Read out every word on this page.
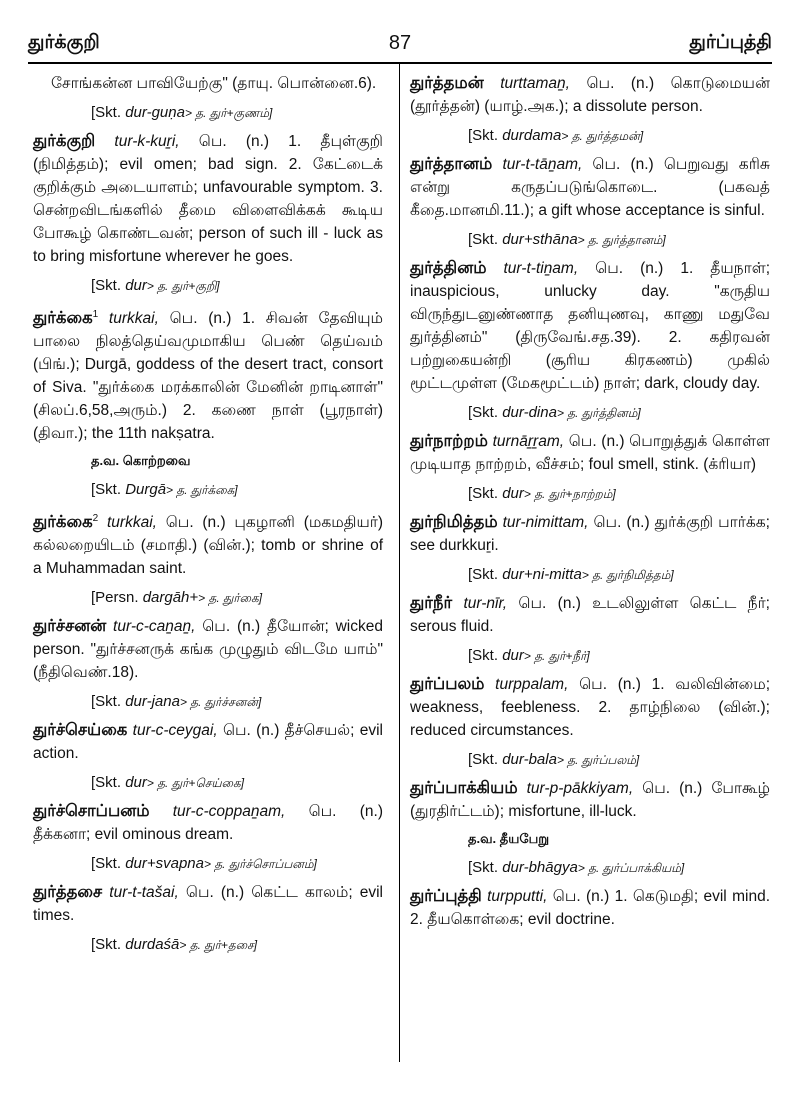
துர்க்குறி	87	துர்ப்புத்தி

சோங்கன்ன பாவியேற்கு" (தாயு. பொன்னை.6).

[Skt. dur-guṇa> த. துர்+குணம்]

துர்க்குறி tur-k-kuṟi, பெ. (n.) 1. தீபுள்குறி (நிமித்தம்); evil omen; bad sign. 2. கேட்டைக் குறிக்கும் அடையாளம்; unfavourable symptom. 3. சென்றவிடங்களில் தீமை விளைவிக்கக் கூடிய போகூழ் கொண்டவன்; person of such ill - luck as to bring misfortune wherever he goes.

[Skt. dur> த. துர்+குறி]

துர்க்கை$^1$ turkkai, பெ. (n.) 1. சிவன் தேவியும் பாலை நிலத்தெய்வமுமாகிய பெண் தெய்வம் (பிங்.); Durgā, goddess of the desert tract, consort of Siva. "துர்க்கை மரக்காலின் மேனின் றாடினாள்" (சிலப்.6,58,அரும்.) 2. கணை நாள் (பூரநாள்) (திவா.); the 11th nakṣatra.

த.வ. கொற்றவை
[Skt. Durgā> த. துர்க்கை]

துர்க்கை$^2$ turkkai, பெ. (n.) புகழானி (மகமதியர்) கல்லறையிடம் (சமாதி.) (வின்.); tomb or shrine of a Muhammadan saint.

[Persn. dargāh+> த. துர்கை]

துர்ச்சனன் tur-c-caṉaṉ, பெ. (n.) தீயோன்; wicked person. "துர்ச்சனருக் கங்க முழுதும் விடமே யாம்" (நீதிவெண்.18).

[Skt. dur-jana> த. துர்ச்சனன்]

துர்ச்செய்கை tur-c-ceygai, பெ. (n.) தீச்செயல்; evil action.

[Skt. dur> த. துர்+செய்கை]

துர்ச்சொப்பனம் tur-c-coppaṉam, பெ. (n.) தீக்கனா; evil ominous dream.

[Skt. dur+svapna> த. துர்ச்சொப்பனம்]

துர்த்தசை tur-t-tašai, பெ. (n.) கெட்ட காலம்; evil times.

[Skt. durdaśā> த. துர்+தசை]

துர்த்தமன் turttamaṉ, பெ. (n.) கொடுமையன் (தூர்த்தன்) (யாழ்.அக.); a dissolute person.

[Skt. durdama> த. துர்த்தமன்]

துர்த்தானம் tur-t-tāṉam, பெ. (n.) பெறுவது கரிசு என்று கருதப்படுங்கொடை. (பகவத் கீதை.மானமி.11.); a gift whose acceptance is sinful.

[Skt. dur+sthāna> த. துர்த்தானம்]

துர்த்தினம் tur-t-tiṉam, பெ. (n.) 1. தீயநாள்; inauspicious, unlucky day. "கருதிய விருந்துடனுண்ணாத தனியுணவு, காணு மதுவே துர்த்தினம்" (திருவேங்.சத.39). 2. கதிரவன் பற்றுகையன்றி (சூரிய கிரகணம்) முகில் மூட்டமுள்ள (மேகமூட்டம்) நாள்; dark, cloudy day.

[Skt. dur-dina> த. துர்த்தினம்]

துர்நாற்றம் turnāṟṟam, பெ. (n.) பொறுத்துக் கொள்ள முடியாத நாற்றம், வீச்சம்; foul smell, stink. (க்ரியா)

[Skt. dur> த. துர்+நாற்றம்]

துர்நிமித்தம் tur-nimittam, பெ. (n.) துர்க்குறி பார்க்க; see durkkuṟi.

[Skt. dur+ni-mitta> த. துர்நிமித்தம்]

துர்நீர் tur-nīr, பெ. (n.) உடலிலுள்ள கெட்ட நீர்; serous fluid.

[Skt. dur> த. துர்+நீர்]

துர்ப்பலம் turppalam, பெ. (n.) 1. வலிவின்மை; weakness, feebleness. 2. தாழ்நிலை (வின்.); reduced circumstances.

[Skt. dur-bala> த. துர்ப்பலம்]

துர்ப்பாக்கியம் tur-p-pākkiyam, பெ. (n.) போகூழ் (துரதிர்ட்டம்); misfortune, ill-luck.

த.வ. தீயபேறு
[Skt. dur-bhāgya> த. துர்ப்பாக்கியம்]

துர்ப்புத்தி turpputti, பெ. (n.) 1. கெடுமதி; evil mind. 2. தீயகொள்கை; evil doctrine.
